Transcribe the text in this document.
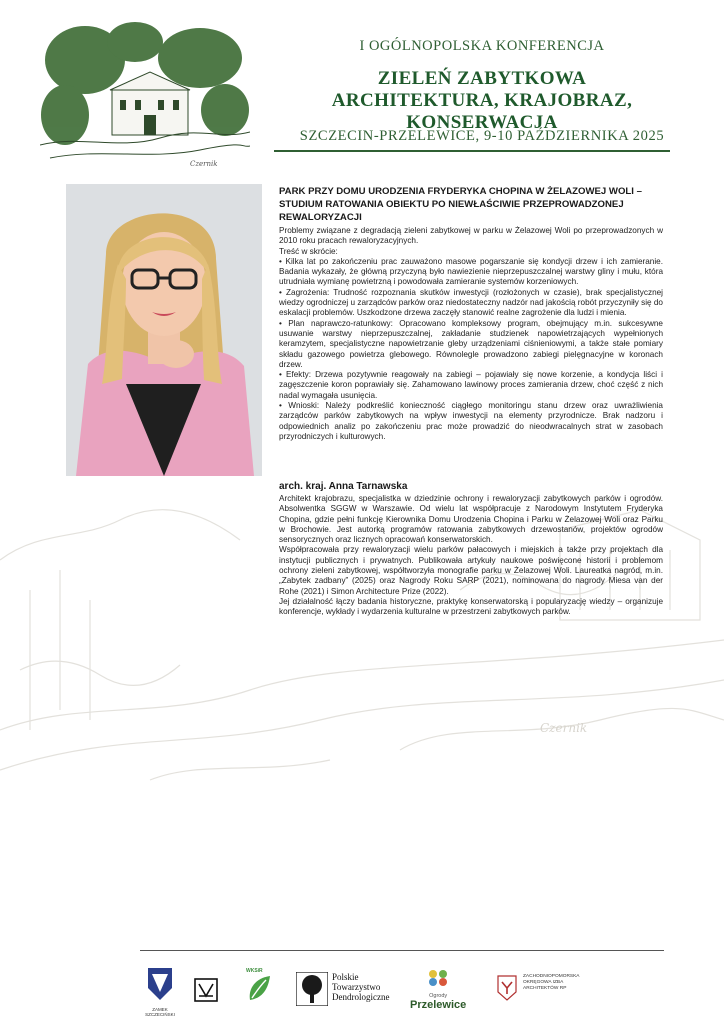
Czernik
Czernik
I OGÓLNOPOLSKA KONFERENCJA
ZIELEŃ ZABYTKOWA
ARCHITEKTURA, KRAJOBRAZ, KONSERWACJA
SZCZECIN-PRZELEWICE, 9-10 PAŹDZIERNIKA 2025
PARK PRZY DOMU URODZENIA FRYDERYKA CHOPINA W ŻELAZOWEJ WOLI – STUDIUM RATOWANIA OBIEKTU PO NIEWŁAŚCIWIE PRZEPROWADZONEJ REWALORYZACJI

Problemy związane z degradacją zieleni zabytkowej w parku w Żelazowej Woli po przeprowadzonych w 2010 roku pracach rewaloryzacyjnych.

Treść w skrócie:

• Kilka lat po zakończeniu prac zauważono masowe pogarszanie się kondycji drzew i ich zamieranie. Badania wykazały, że główną przyczyną było nawiezienie nieprzepuszczalnej warstwy gliny i mułu, która utrudniała wymianę powietrzną i powodowała zamieranie systemów korzeniowych.

• Zagrożenia: Trudność rozpoznania skutków inwestycji (rozłożonych w czasie), brak specjalistycznej wiedzy ogrodniczej u zarządców parków oraz niedostateczny nadzór nad jakością robót przyczyniły się do eskalacji problemów. Uszkodzone drzewa zaczęły stanowić realne zagrożenie dla ludzi i mienia.

• Plan naprawczo-ratunkowy: Opracowano kompleksowy program, obejmujący m.in. sukcesywne usuwanie warstwy nieprzepuszczalnej, zakładanie studzienek napowietrzających wypełnionych keramzytem, specjalistyczne napowietrzanie gleby urządzeniami ciśnieniowymi, a także stałe pomiary składu gazowego powietrza glebowego. Równolegle prowadzono zabiegi pielęgnacyjne w koronach drzew.

• Efekty: Drzewa pozytywnie reagowały na zabiegi – pojawiały się nowe korzenie, a kondycja liści i zagęszczenie koron poprawiały się. Zahamowano lawinowy proces zamierania drzew, choć część z nich nadal wymagała usunięcia.

• Wnioski: Należy podkreślić konieczność ciągłego monitoringu stanu drzew oraz uwrażliwienia zarządców parków zabytkowych na wpływ inwestycji na elementy przyrodnicze. Brak nadzoru i odpowiednich analiz po zakończeniu prac może prowadzić do nieodwracalnych strat w zasobach przyrodniczych i kulturowych.

arch. kraj. Anna Tarnawska

Architekt krajobrazu, specjalistka w dziedzinie ochrony i rewaloryzacji zabytkowych parków i ogrodów. Absolwentka SGGW w Warszawie. Od wielu lat współpracuje z Narodowym Instytutem Fryderyka Chopina, gdzie pełni funkcję Kierownika Domu Urodzenia Chopina i Parku w Żelazowej Woli oraz Parku w Brochowie. Jest autorką programów ratowania zabytkowych drzewostanów, projektów ogrodów sensorycznych oraz licznych opracowań konserwatorskich.

Współpracowała przy rewaloryzacji wielu parków pałacowych i miejskich a także przy projektach dla instytucji publicznych i prywatnych. Publikowała artykuły naukowe poświęcone historii i problemom ochrony zieleni zabytkowej, współtworzyła monografie parku w Żelazowej Woli. Laureatka nagród, m.in. „Zabytek zadbany” (2025) oraz Nagrody Roku SARP (2021), nominowana do nagrody Miesa van der Rohe (2021) i Simon Architecture Prize (2022).

Jej działalność łączy badania historyczne, praktykę konserwatorską i popularyzację wiedzy – organizuje konferencje, wykłady i wydarzenia kulturalne w przestrzeni zabytkowych parków.

ZAMEK SZCZECIŃSKI
WKSiR
Polskie
Towarzystwo
Dendrologiczne	Ogrody
Przelewice
ZACHODNIOPOMORSKA
OKRĘGOWA IZBA
ARCHITEKTÓW RP
